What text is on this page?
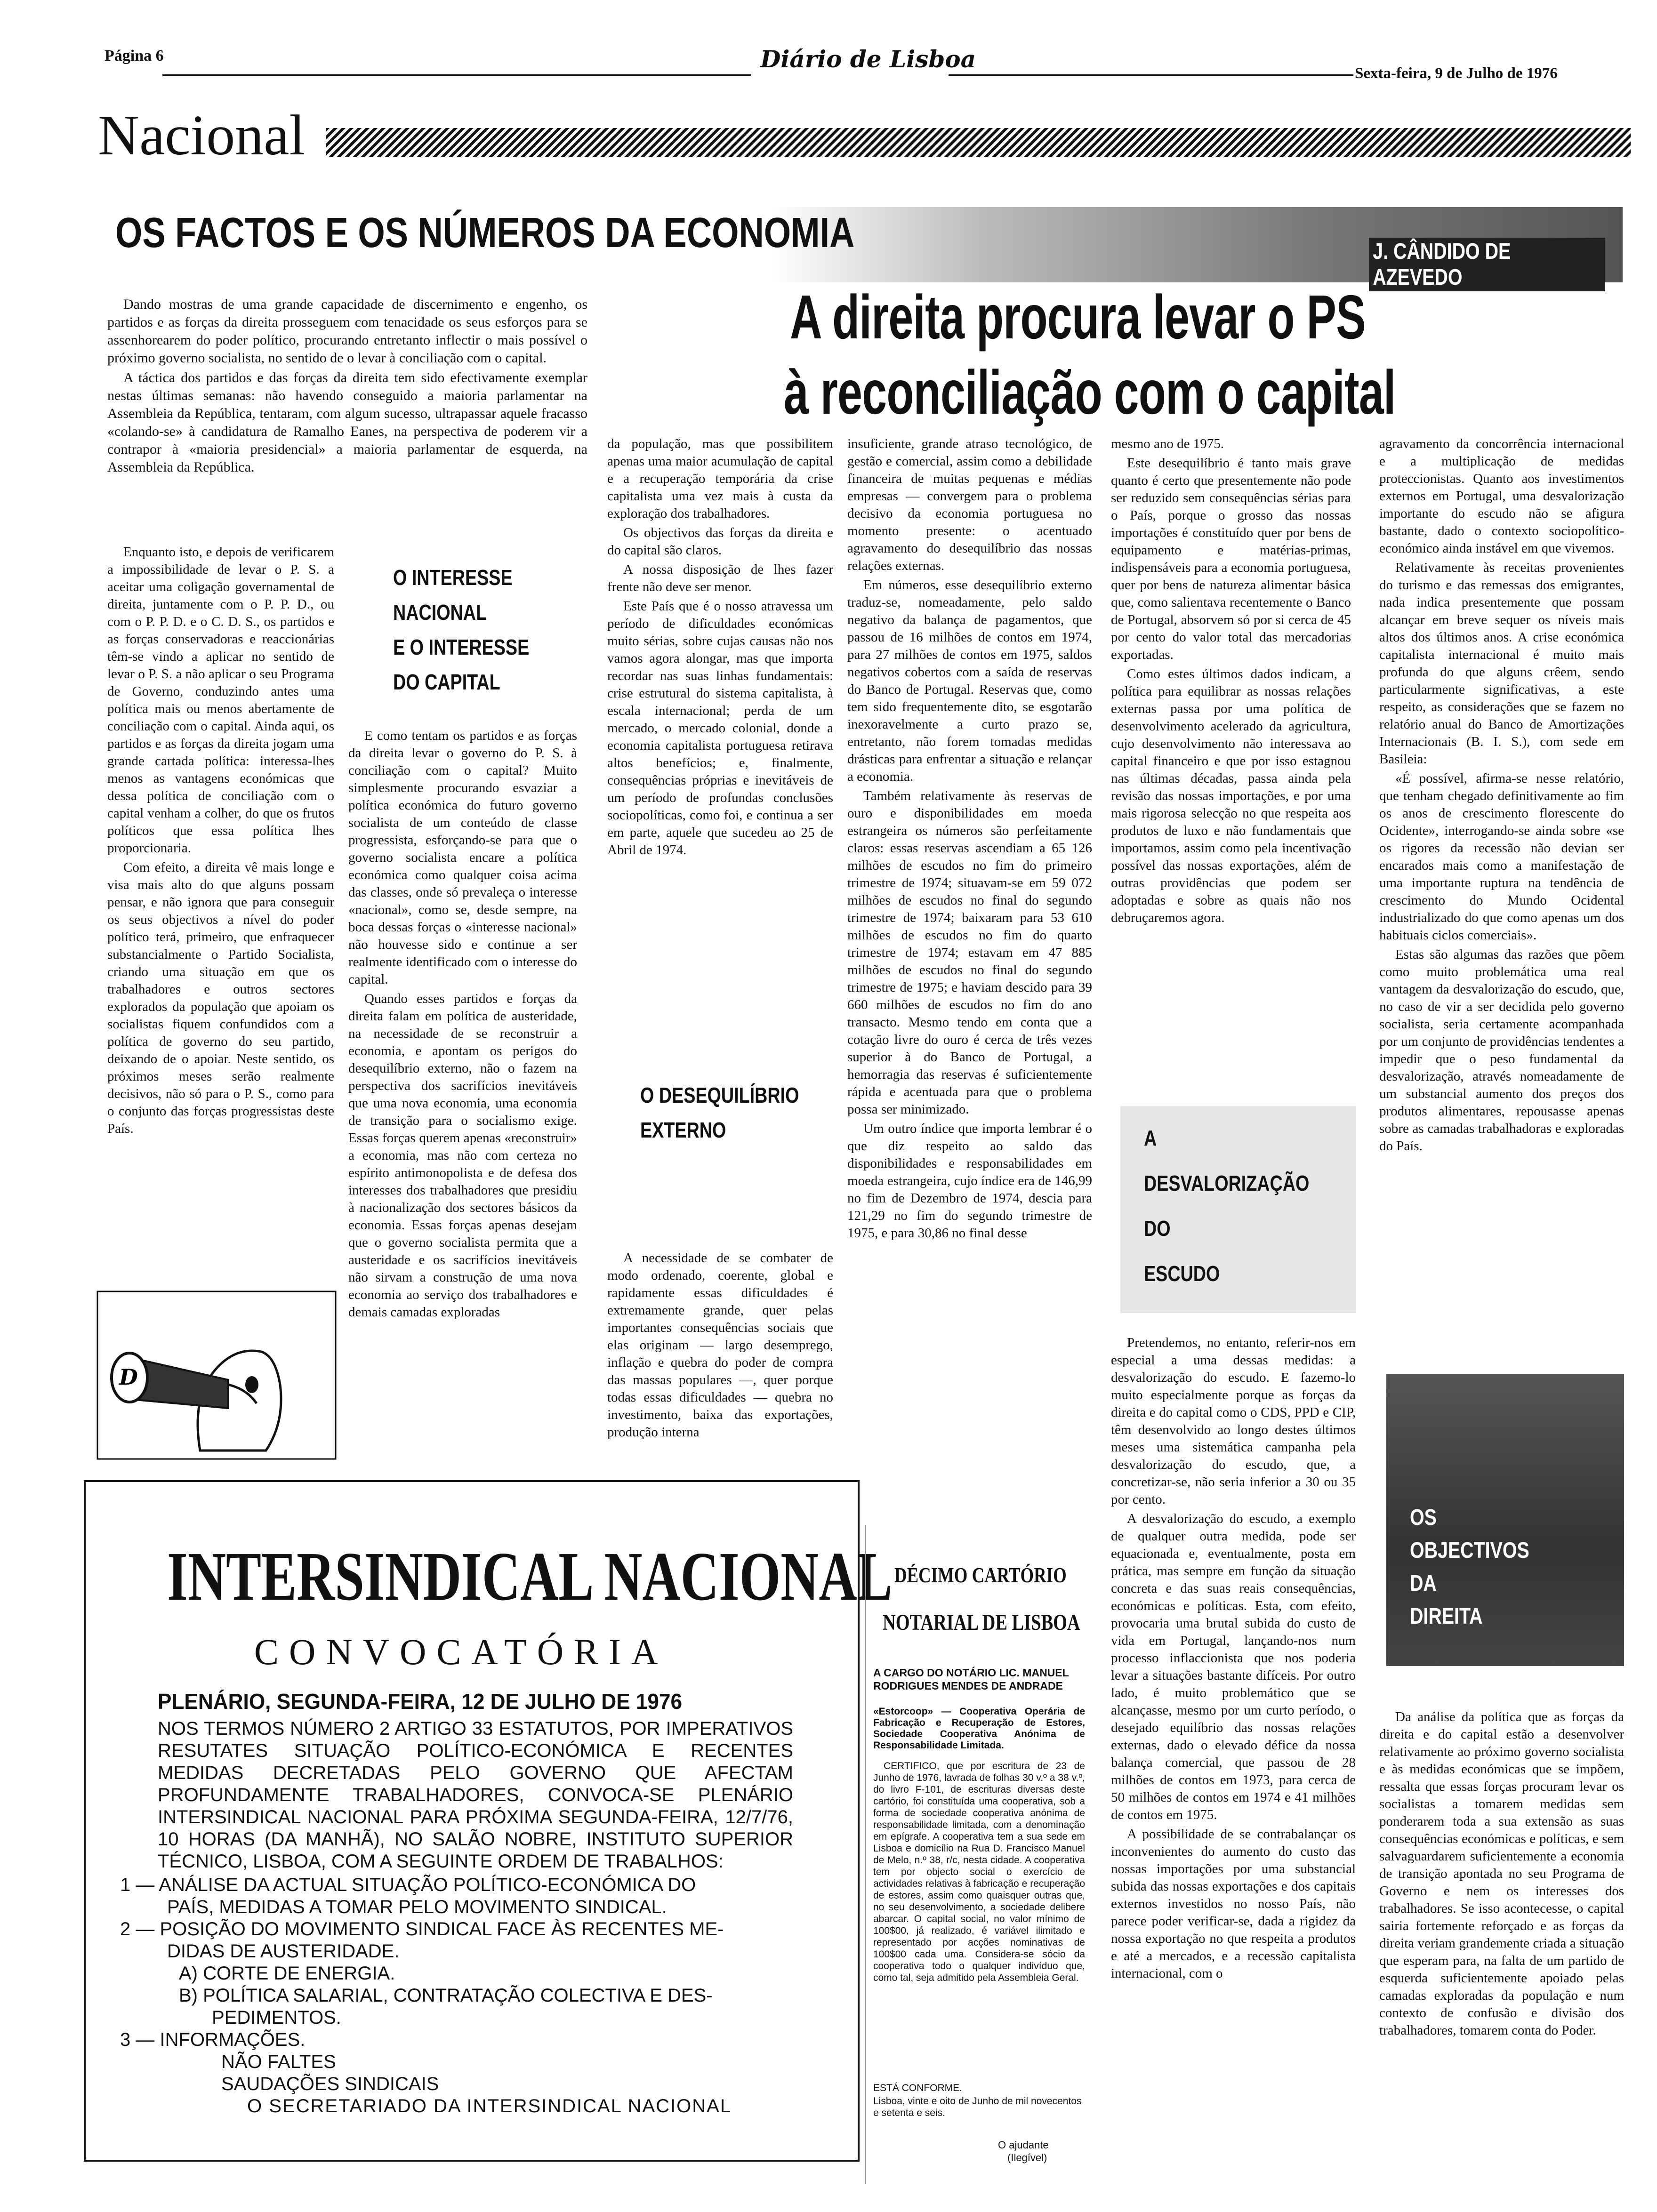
Página 6	Diário de Lisboa
Sexta-feira, 9 de Julho de 1976
Nacional
OS FACTOS E OS NÚMEROS DA ECONOMIA	J. CÂNDIDO DE AZEVEDO
A direita procura levar o PS
à reconciliação com o capital

Dando mostras de uma grande capacidade de discernimento e engenho, os partidos e as forças da direita prosseguem com tenacidade os seus esforços para se assenhorearem do poder político, procurando entretanto inflectir o mais possível o próximo governo socialista, no sentido de o levar à conciliação com o capital.

A táctica dos partidos e das forças da direita tem sido efectivamente exemplar nestas últimas semanas: não havendo conseguido a maioria parlamentar na Assembleia da República, tentaram, com algum sucesso, ultrapassar aquele fracasso «colando-se» à candidatura de Ramalho Eanes, na perspectiva de poderem vir a contrapor à «maioria presidencial» a maioria parlamentar de esquerda, na Assembleia da República.

Enquanto isto, e depois de verificarem a impossibilidade de levar o P. S. a aceitar uma coligação governamental de direita, juntamente com o P. P. D., ou com o P. P. D. e o C. D. S., os partidos e as forças conservadoras e reaccionárias têm-se vindo a aplicar no sentido de levar o P. S. a não aplicar o seu Programa de Governo, conduzindo antes uma política mais ou menos abertamente de conciliação com o capital. Ainda aqui, os partidos e as forças da direita jogam uma grande cartada política: interessa-lhes menos as vantagens económicas que dessa política de conciliação com o capital venham a colher, do que os frutos políticos que essa política lhes proporcionaria.

Com efeito, a direita vê mais longe e visa mais alto do que alguns possam pensar, e não ignora que para conseguir os seus objectivos a nível do poder político terá, primeiro, que enfraquecer substancialmente o Partido Socialista, criando uma situação em que os trabalhadores e outros sectores explorados da população que apoiam os socialistas fiquem confundidos com a política de governo do seu partido, deixando de o apoiar. Neste sentido, os próximos meses serão realmente decisivos, não só para o P. S., como para o conjunto das forças progressistas deste País.

D
O INTERESSE
NACIONAL
E O INTERESSE
DO CAPITAL

E como tentam os partidos e as forças da direita levar o governo do P. S. à conciliação com o capital? Muito simplesmente procurando esvaziar a política económica do futuro governo socialista de um conteúdo de classe progressista, esforçando-se para que o governo socialista encare a política económica como qualquer coisa acima das classes, onde só prevaleça o interesse «nacional», como se, desde sempre, na boca dessas forças o «interesse nacional» não houvesse sido e continue a ser realmente identificado com o interesse do capital.

Quando esses partidos e forças da direita falam em política de austeridade, na necessidade de se reconstruir a economia, e apontam os perigos do desequilíbrio externo, não o fazem na perspectiva dos sacrifícios inevitáveis que uma nova economia, uma economia de transição para o socialismo exige. Essas forças querem apenas «reconstruir» a economia, mas não com certeza no espírito antimonopolista e de defesa dos interesses dos trabalhadores que presidiu à nacionalização dos sectores básicos da economia. Essas forças apenas desejam que o governo socialista permita que a austeridade e os sacrifícios inevitáveis não sirvam a construção de uma nova economia ao serviço dos trabalhadores e demais camadas exploradas

da população, mas que possibilitem apenas uma maior acumulação de capital e a recuperação temporária da crise capitalista uma vez mais à custa da exploração dos trabalhadores.

Os objectivos das forças da direita e do capital são claros.

A nossa disposição de lhes fazer frente não deve ser menor.

Este País que é o nosso atravessa um período de dificuldades económicas muito sérias, sobre cujas causas não nos vamos agora alongar, mas que importa recordar nas suas linhas fundamentais: crise estrutural do sistema capitalista, à escala internacional; perda de um mercado, o mercado colonial, donde a economia capitalista portuguesa retirava altos benefícios; e, finalmente, consequências próprias e inevitáveis de um período de profundas conclusões sociopolíticas, como foi, e continua a ser em parte, aquele que sucedeu ao 25 de Abril de 1974.

O DESEQUILÍBRIO
EXTERNO

A necessidade de se combater de modo ordenado, coerente, global e rapidamente essas dificuldades é extremamente grande, quer pelas importantes consequências sociais que elas originam — largo desemprego, inflação e quebra do poder de compra das massas populares —, quer porque todas essas dificuldades — quebra no investimento, baixa das exportações, produção interna

insuficiente, grande atraso tecnológico, de gestão e comercial, assim como a debilidade financeira de muitas pequenas e médias empresas — convergem para o problema decisivo da economia portuguesa no momento presente: o acentuado agravamento do desequilíbrio das nossas relações externas.

Em números, esse desequilíbrio externo traduz-se, nomeadamente, pelo saldo negativo da balança de pagamentos, que passou de 16 milhões de contos em 1974, para 27 milhões de contos em 1975, saldos negativos cobertos com a saída de reservas do Banco de Portugal. Reservas que, como tem sido frequentemente dito, se esgotarão inexoravelmente a curto prazo se, entretanto, não forem tomadas medidas drásticas para enfrentar a situação e relançar a economia.

Também relativamente às reservas de ouro e disponibilidades em moeda estrangeira os números são perfeitamente claros: essas reservas ascendiam a 65 126 milhões de escudos no fim do primeiro trimestre de 1974; situavam-se em 59 072 milhões de escudos no final do segundo trimestre de 1974; baixaram para 53 610 milhões de escudos no fim do quarto trimestre de 1974; estavam em 47 885 milhões de escudos no final do segundo trimestre de 1975; e haviam descido para 39 660 milhões de escudos no fim do ano transacto. Mesmo tendo em conta que a cotação livre do ouro é cerca de três vezes superior à do Banco de Portugal, a hemorragia das reservas é suficientemente rápida e acentuada para que o problema possa ser minimizado.

Um outro índice que importa lembrar é o que diz respeito ao saldo das disponibilidades e responsabilidades em moeda estrangeira, cujo índice era de 146,99 no fim de Dezembro de 1974, descia para 121,29 no fim do segundo trimestre de 1975, e para 30,86 no final desse

mesmo ano de 1975.

Este desequilíbrio é tanto mais grave quanto é certo que presentemente não pode ser reduzido sem consequências sérias para o País, porque o grosso das nossas importações é constituído quer por bens de equipamento e matérias-primas, indispensáveis para a economia portuguesa, quer por bens de natureza alimentar básica que, como salientava recentemente o Banco de Portugal, absorvem só por si cerca de 45 por cento do valor total das mercadorias exportadas.

Como estes últimos dados indicam, a política para equilibrar as nossas relações externas passa por uma política de desenvolvimento acelerado da agricultura, cujo desenvolvimento não interessava ao capital financeiro e que por isso estagnou nas últimas décadas, passa ainda pela revisão das nossas importações, e por uma mais rigorosa selecção no que respeita aos produtos de luxo e não fundamentais que importamos, assim como pela incentivação possível das nossas exportações, além de outras providências que podem ser adoptadas e sobre as quais não nos debruçaremos agora.

A
DESVALORIZAÇÃO
DO
ESCUDO

Pretendemos, no entanto, referir-nos em especial a uma dessas medidas: a desvalorização do escudo. E fazemo-lo muito especialmente porque as forças da direita e do capital como o CDS, PPD e CIP, têm desenvolvido ao longo destes últimos meses uma sistemática campanha pela desvalorização do escudo, que, a concretizar-se, não seria inferior a 30 ou 35 por cento.

A desvalorização do escudo, a exemplo de qualquer outra medida, pode ser equacionada e, eventualmente, posta em prática, mas sempre em função da situação concreta e das suas reais consequências, económicas e políticas. Esta, com efeito, provocaria uma brutal subida do custo de vida em Portugal, lançando-nos num processo inflaccionista que nos poderia levar a situações bastante difíceis. Por outro lado, é muito problemático que se alcançasse, mesmo por um curto período, o desejado equilíbrio das nossas relações externas, dado o elevado défice da nossa balança comercial, que passou de 28 milhões de contos em 1973, para cerca de 50 milhões de contos em 1974 e 41 milhões de contos em 1975.

A possibilidade de se contrabalançar os inconvenientes do aumento do custo das nossas importações por uma substancial subida das nossas exportações e dos capitais externos investidos no nosso País, não parece poder verificar-se, dada a rigidez da nossa exportação no que respeita a produtos e até a mercados, e a recessão capitalista internacional, com o

agravamento da concorrência internacional e a multiplicação de medidas proteccionistas. Quanto aos investimentos externos em Portugal, uma desvalorização importante do escudo não se afigura bastante, dado o contexto sociopolítico-económico ainda instável em que vivemos.

Relativamente às receitas provenientes do turismo e das remessas dos emigrantes, nada indica presentemente que possam alcançar em breve sequer os níveis mais altos dos últimos anos. A crise económica capitalista internacional é muito mais profunda do que alguns crêem, sendo particularmente significativas, a este respeito, as considerações que se fazem no relatório anual do Banco de Amortizações Internacionais (B. I. S.), com sede em Basileia:

«É possível, afirma-se nesse relatório, que tenham chegado definitivamente ao fim os anos de crescimento florescente do Ocidente», interrogando-se ainda sobre «se os rigores da recessão não devian ser encarados mais como a manifestação de uma importante ruptura na tendência de crescimento do Mundo Ocidental industrializado do que como apenas um dos habituais ciclos comerciais».

Estas são algumas das razões que põem como muito problemática uma real vantagem da desvalorização do escudo, que, no caso de vir a ser decidida pelo governo socialista, seria certamente acompanhada por um conjunto de providências tendentes a impedir que o peso fundamental da desvalorização, através nomeadamente de um substancial aumento dos preços dos produtos alimentares, repousasse apenas sobre as camadas trabalhadoras e exploradas do País.

OS
OBJECTIVOS
DA
DIREITA

Da análise da política que as forças da direita e do capital estão a desenvolver relativamente ao próximo governo socialista e às medidas económicas que se impõem, ressalta que essas forças procuram levar os socialistas a tomarem medidas sem ponderarem toda a sua extensão as suas consequências económicas e políticas, e sem salvaguardarem suficientemente a economia de transição apontada no seu Programa de Governo e nem os interesses dos trabalhadores. Se isso acontecesse, o capital sairia fortemente reforçado e as forças da direita veriam grandemente criada a situação que esperam para, na falta de um partido de esquerda suficientemente apoiado pelas camadas exploradas da população e num contexto de confusão e divisão dos trabalhadores, tomarem conta do Poder.

INTERSINDICAL NACIONAL
CONVOCATÓRIA
PLENÁRIO, SEGUNDA-FEIRA, 12 DE JULHO DE 1976
NOS TERMOS NÚMERO 2 ARTIGO 33 ESTATUTOS, POR IMPERATIVOS RESUTATES SITUAÇÃO POLÍTICO-ECONÓMICA E RECENTES MEDIDAS DECRETADAS PELO GOVERNO QUE AFECTAM PROFUNDAMENTE TRABALHADORES, CONVOCA-SE PLENÁRIO INTERSINDICAL NACIONAL PARA PRÓXIMA SEGUNDA-FEIRA, 12/7/76, 10 HORAS (DA MANHÃ), NO SALÃO NOBRE, INSTITUTO SUPERIOR TÉCNICO, LISBOA, COM A SEGUINTE ORDEM DE TRABALHOS:
1 — ANÁLISE DA ACTUAL SITUAÇÃO POLÍTICO-ECONÓMICA DO
PAÍS, MEDIDAS A TOMAR PELO MOVIMENTO SINDICAL.
2 — POSIÇÃO DO MOVIMENTO SINDICAL FACE ÀS RECENTES ME-
DIDAS DE AUSTERIDADE.
A) CORTE DE ENERGIA.
B) POLÍTICA SALARIAL, CONTRATAÇÃO COLECTIVA E DES-
PEDIMENTOS.
3 — INFORMAÇÕES.
NÃO FALTES
SAUDAÇÕES SINDICAIS
O SECRETARIADO DA INTERSINDICAL NACIONAL
DÉCIMO CARTÓRIO
NOTARIAL DE LISBOA
A CARGO DO NOTÁRIO LIC. MANUEL RODRIGUES MENDES DE ANDRADE
«Estorcoop» — Cooperativa Operária de Fabricação e Recuperação de Estores, Sociedade Cooperativa Anónima de Responsabilidade Limitada.
CERTIFICO, que por escritura de 23 de Junho de 1976, lavrada de folhas 30 v.º a 38 v.º, do livro F-101, de escrituras diversas deste cartório, foi constituída uma cooperativa, sob a forma de sociedade cooperativa anónima de responsabilidade limitada, com a denominação em epígrafe. A cooperativa tem a sua sede em Lisboa e domicílio na Rua D. Francisco Manuel de Melo, n.º 38, r/c, nesta cidade. A cooperativa tem por objecto social o exercício de actividades relativas à fabricação e recuperação de estores, assim como quaisquer outras que, no seu desenvolvimento, a sociedade delibere abarcar. O capital social, no valor mínimo de 100$00, já realizado, é variável ilimitado e representado por acções nominativas de 100$00 cada uma. Considera-se sócio da cooperativa todo o qualquer indivíduo que, como tal, seja admitido pela Assembleia Geral.
ESTÁ CONFORME.
Lisboa, vinte e oito de Junho de mil novecentos e setenta e seis.
O ajudante
(Ilegível)
